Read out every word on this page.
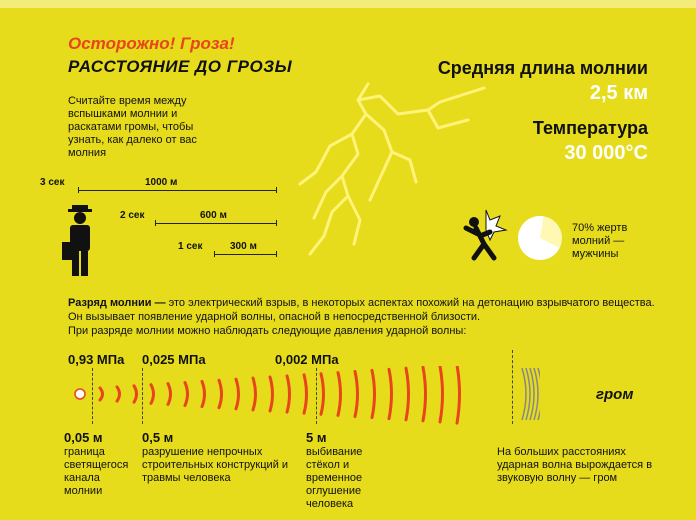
Осторожно! Гроза!
РАССТОЯНИЕ ДО ГРОЗЫ
Считайте время между вспышками молнии и раскатами громы, чтобы узнать, как далеко от вас молния
3 сек	1000 м
2 сек	600 м
1 сек	300 м
Средняя длина молнии
2,5 км
Температура
30 000°С
70% жертв молний — мужчины
Разряд молнии — это электрический взрыв, в некоторых аспектах похожий на детонацию взрывчатого вещества. Он вызывает появление ударной волны, опасной в непосредственной близости.
При разряде молнии можно наблюдать следующие давления ударной волны:
0,93 МПа 0,025 МПа	0,002 МПа
гром
0,05 м
граница светящегося канала молнии
0,5 м
разрушение непрочных строительных конструкций и травмы человека
5 м
выбивание стёкол и временное оглушение человека
На больших расстояниях ударная волна вырождается в звуковую волну — гром
